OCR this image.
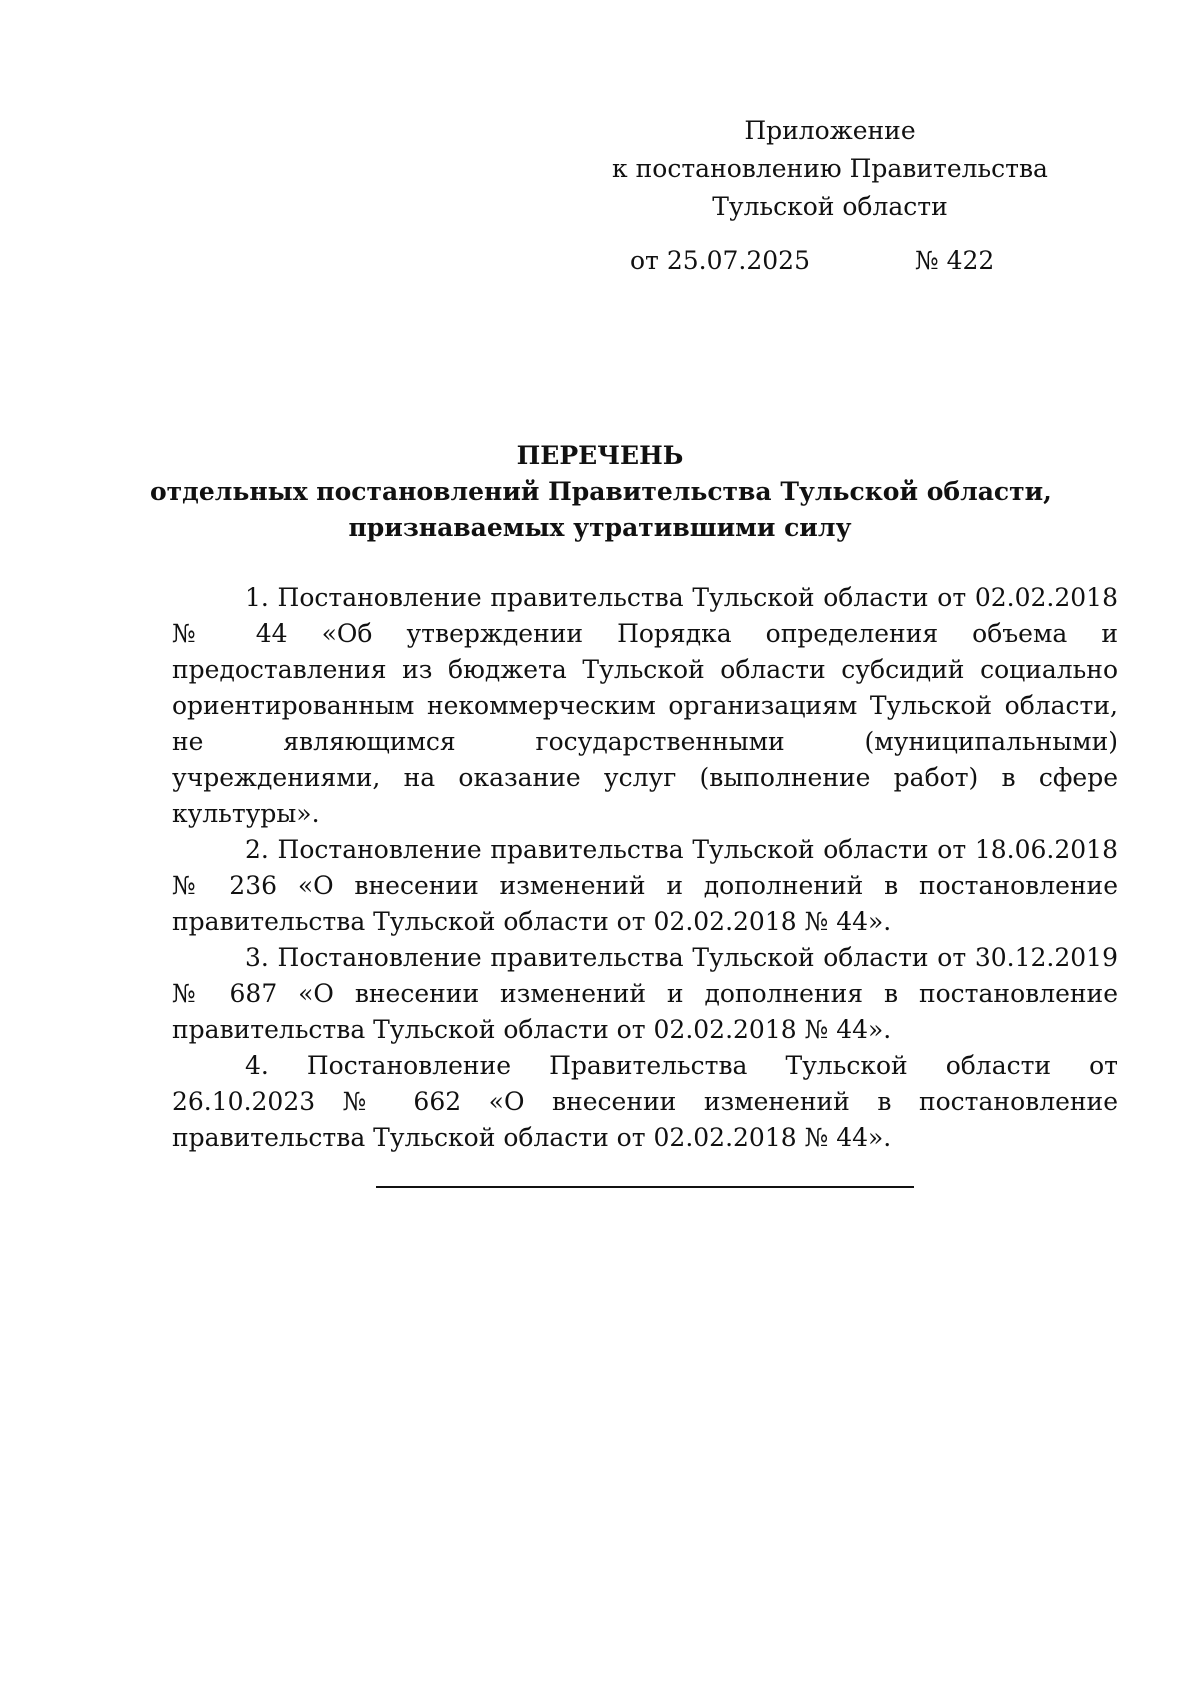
Приложение
к постановлению Правительства
Тульской области
от 25.07.2025	№ 422
ПЕРЕЧЕНЬ
отдельных постановлений Правительства Тульской области,
признаваемых утратившими силу

1. Постановление правительства Тульской области от 02.02.2018 № 44 «Об утверждении Порядка определения объема и предоставления из бюджета Тульской области субсидий социально ориентированным некоммерческим организациям Тульской области, не являющимся государственными (муниципальными) учреждениями, на оказание услуг (выполнение работ) в сфере культуры».

2. Постановление правительства Тульской области от 18.06.2018 № 236 «О внесении изменений и дополнений в постановление правительства Тульской области от 02.02.2018 № 44».

3. Постановление правительства Тульской области от 30.12.2019 № 687 «О внесении изменений и дополнения в постановление правительства Тульской области от 02.02.2018 № 44».

4. Постановление Правительства Тульской области от 26.10.2023 № 662 «О внесении изменений в постановление правительства Тульской области от 02.02.2018 № 44».
